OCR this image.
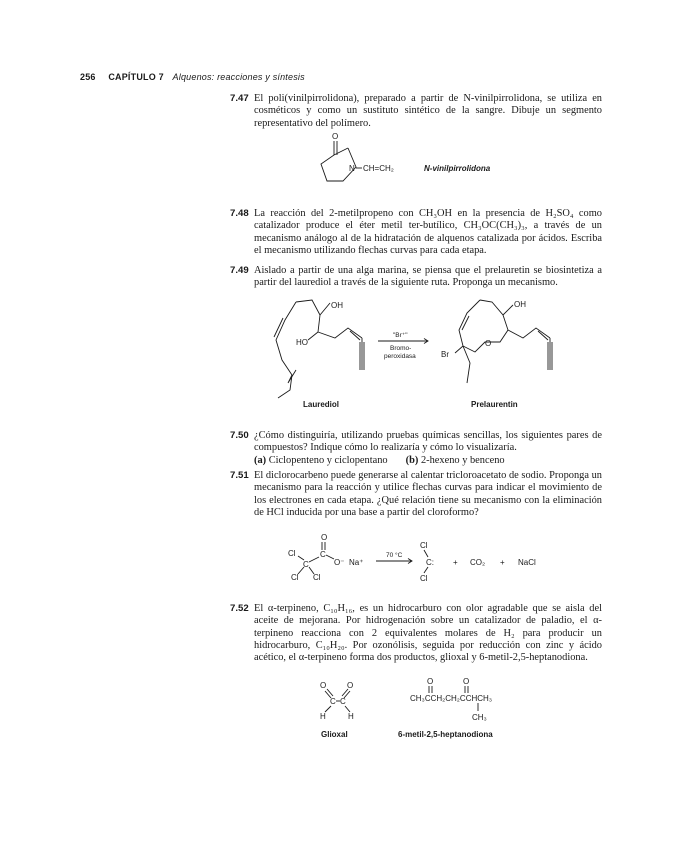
256 CAPÍTULO 7 Alquenos: reacciones y síntesis
7.47 El poli(vinilpirrolidona), preparado a partir de N-vinilpirrolidona, se utiliza en cosméticos y como un sustituto sintético de la sangre. Dibuje un segmento representativo del polímero.

7.48 La reacción del 2-metilpropeno con CH₃OH en la presencia de H₂SO₄ como catalizador produce el éter metil ter-butílico, CH₃OC(CH₃)₃, a través de un mecanismo análogo al de la hidratación de alquenos catalizada por ácidos. Escriba el mecanismo utilizando flechas curvas para cada etapa.

7.49 Aislado a partir de una alga marina, se piensa que el prelauretin se biosintetiza a partir del laurediol a través de la siguiente ruta. Proponga un mecanismo.

7.50 ¿Cómo distinguiría, utilizando pruebas químicas sencillas, los siguientes pares de compuestos? Indique cómo lo realizaría y cómo lo visualizaría.

(a) Ciclopenteno y ciclopentano (b) 2-hexeno y benceno
7.51 El diclorocarbeno puede generarse al calentar tricloroacetato de sodio. Proponga un mecanismo para la reacción y utilice flechas curvas para indicar el movimiento de los electrones en cada etapa. ¿Qué relación tiene su mecanismo con la eliminación de HCl inducida por una base a partir del cloroformo?

7.52 El α-terpineno, C₁₀H₁₆, es un hidrocarburo con olor agradable que se aisla del aceite de mejorana. Por hidrogenación sobre un catalizador de paladio, el α-terpineno reacciona con 2 equivalentes molares de H₂ para producir un hidrocarburo, C₁₀H₂₀. Por ozonólisis, seguida por reducción con zinc y ácido acético, el α-terpineno forma dos productos, glioxal y 6-metil-2,5-heptanodiona.

O
N CH=CH₂	N-vinilpirrolidona
OH
HO
Laurediol
"Br⁺"
Bromo-
peroxidasa
OH
O
Br
Prelaurentin
O
Cl
C
C
O⁻ Na⁺
Cl Cl
70 °C
Cl
C:
Cl
+ CO₂ + NaCl
O	O
C C
H	H
Glioxal
O	O
CH₃CCH₂CH₂CCHCH₃
CH₃
6-metil-2,5-heptanodiona
